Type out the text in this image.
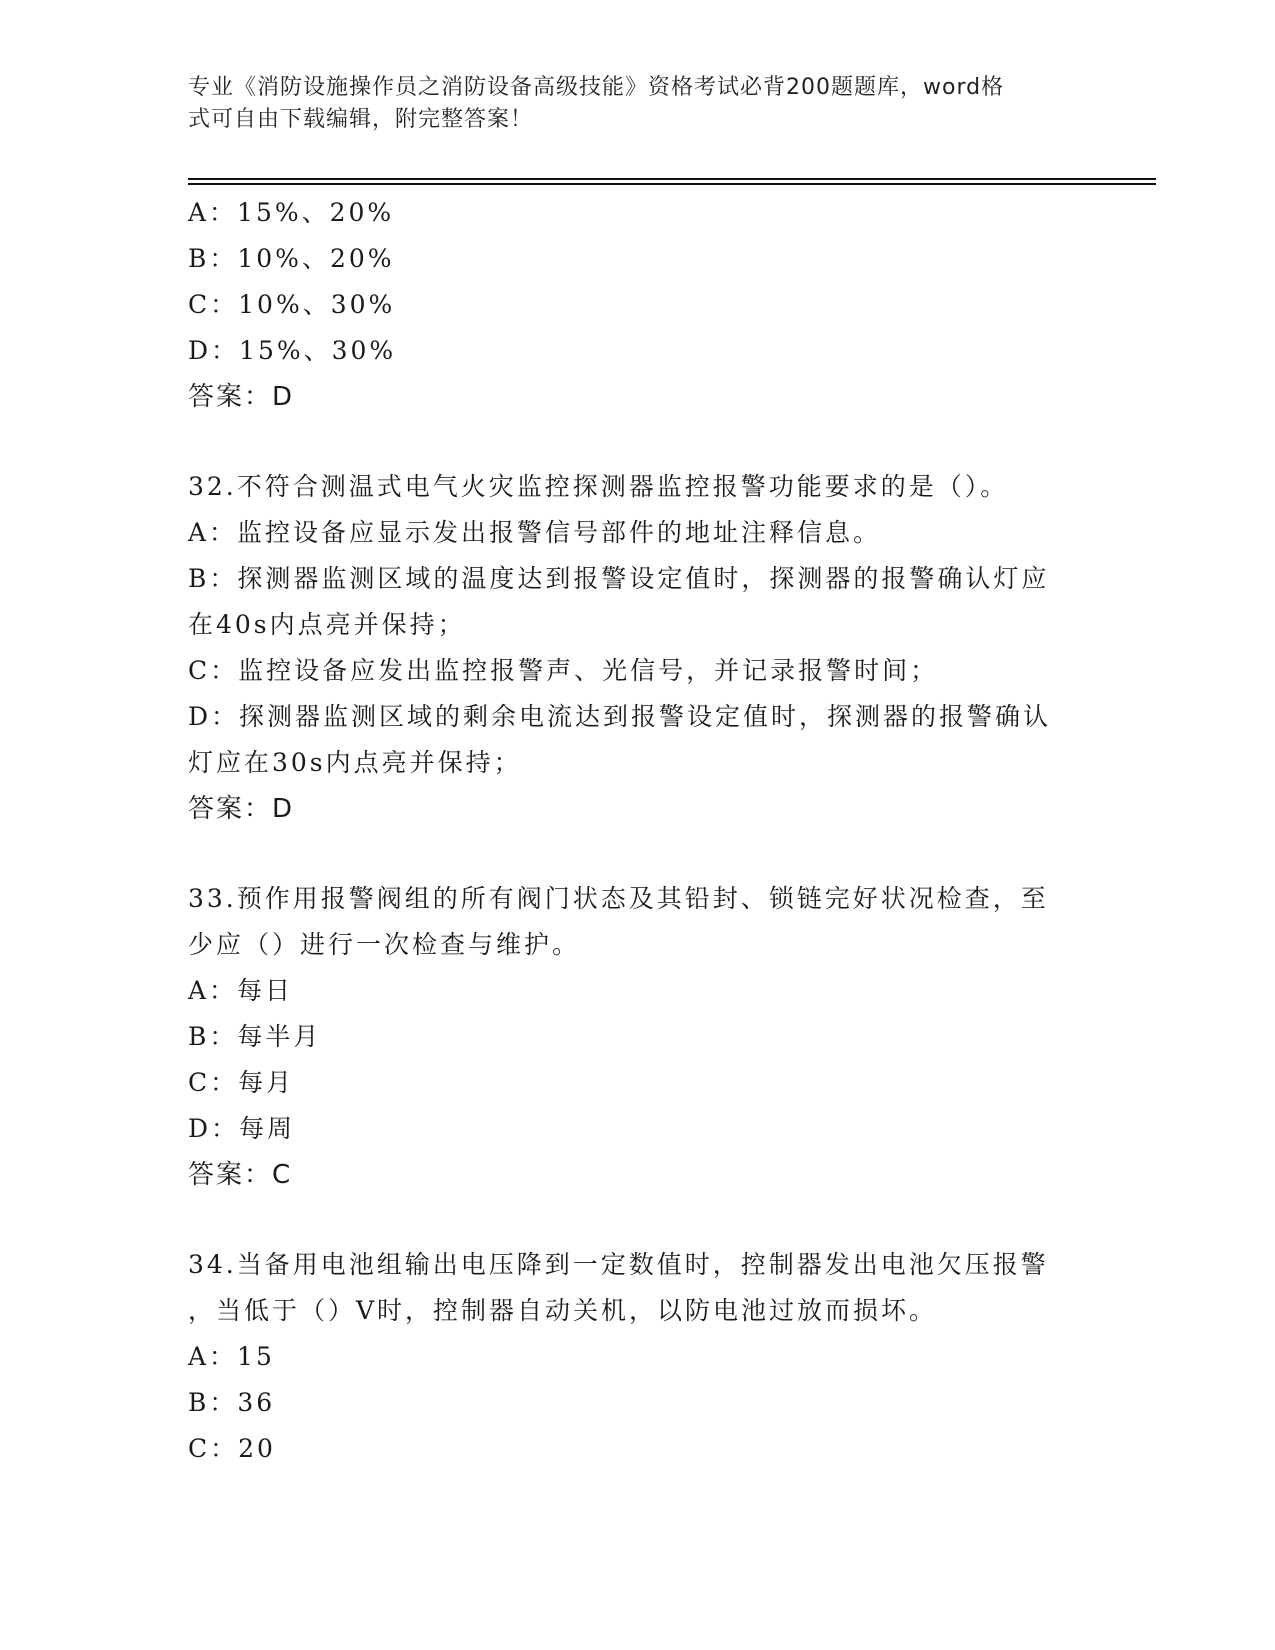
专业《消防设施操作员之消防设备高级技能》资格考试必背200题题库，word格
式可自由下载编辑，附完整答案！
A：15%、20%
B：10%、20%
C：10%、30%
D：15%、30%
答案：D
32.不符合测温式电气火灾监控探测器监控报警功能要求的是（）。
A：监控设备应显示发出报警信号部件的地址注释信息。
B：探测器监测区域的温度达到报警设定值时，探测器的报警确认灯应
在40s内点亮并保持；
C：监控设备应发出监控报警声、光信号，并记录报警时间；
D：探测器监测区域的剩余电流达到报警设定值时，探测器的报警确认
灯应在30s内点亮并保持；
答案：D
33.预作用报警阀组的所有阀门状态及其铅封、锁链完好状况检查，至
少应（）进行一次检查与维护。
A：每日
B：每半月
C：每月
D：每周
答案：C
34.当备用电池组输出电压降到一定数值时，控制器发出电池欠压报警
，当低于（）V时，控制器自动关机，以防电池过放而损坏。
A：15
B：36
C：20
